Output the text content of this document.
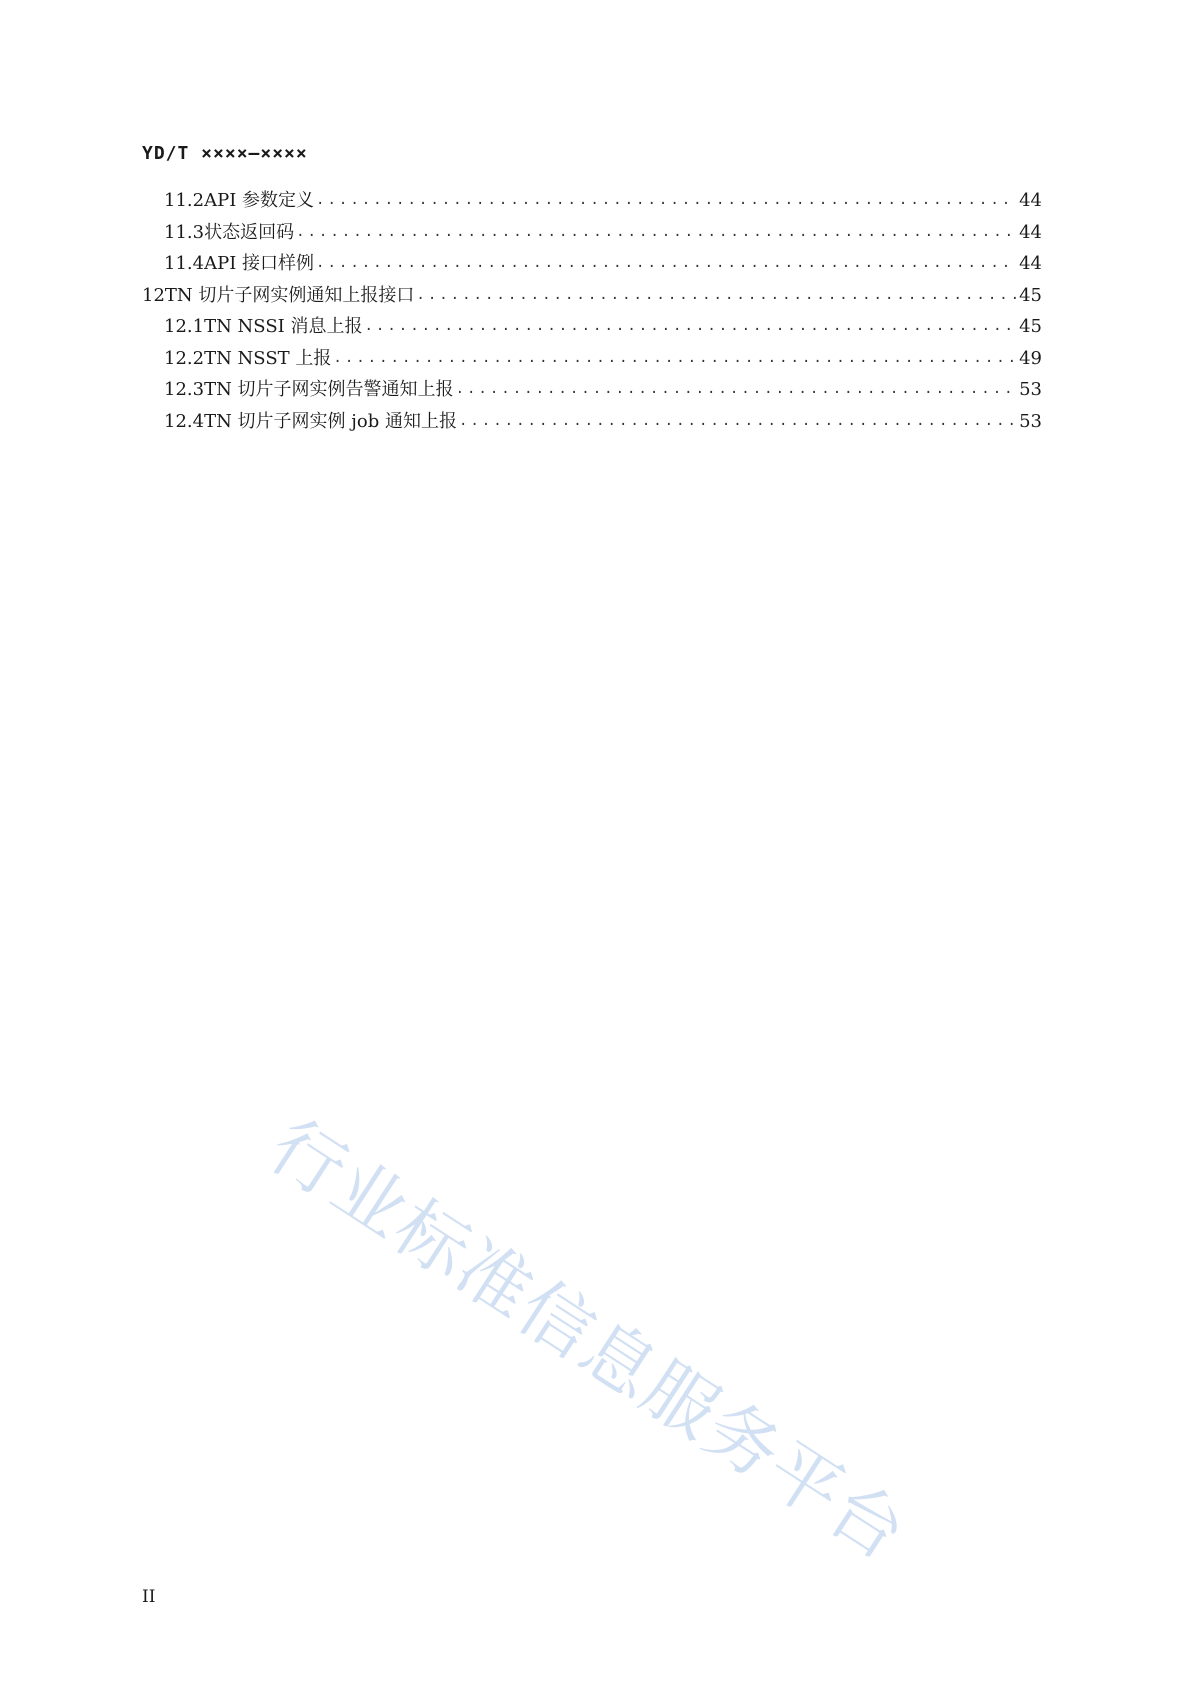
YD/T ××××—××××
11.2 API 参数定义 .....	44
11.3 状态返回码 .....	44
11.4 API 接口样例 .....	44
12 TN 切片子网实例通知上报接口 .....	45
12.1 TN NSSI 消息上报 .....	45
12.2 TN NSST 上报 .....	49
12.3 TN 切片子网实例告警通知上报 .....	53
12.4 TN 切片子网实例 job 通知上报 .....	53
行业标准信息服务平台
II
